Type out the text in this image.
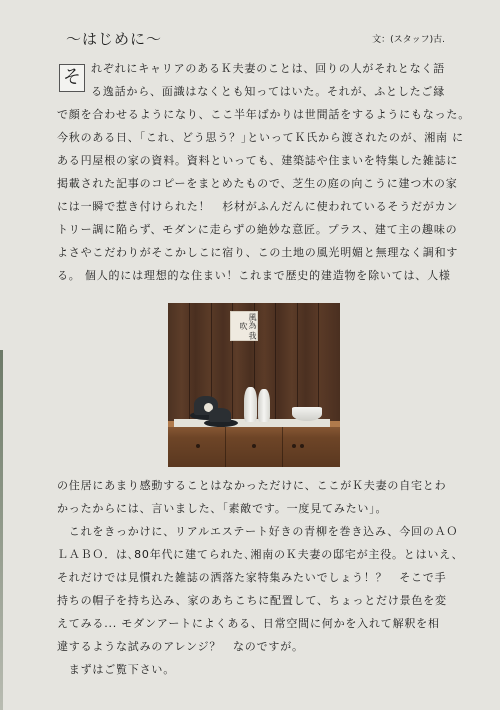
～はじめに～	文：(スタッフ)古.
そ れぞれにキャリアのあるＫ夫妻のことは、回りの人がそれとなく語
る逸話から、面識はなくとも知ってはいた。それが、ふとしたご縁

で顔を合わせるようになり、ここ半年ばかりは世間話をするようにもなった。
今秋のある日、｢これ、どう思う？｣といってＫ氏から渡されたのが、湘南 に
ある円屋根の家の資料。資料といっても、建築誌や住まいを特集した雑誌に
掲載された記事のコピーをまとめたもので、芝生の庭の向こうに建つ木の家
には一瞬で惹き付けられた！　杉材がふんだんに使われているそうだがカン
トリー調に陥らず、モダンに走らずの絶妙な意匠。プラス、建て主の趣味の
よさやこだわりがそこかしこに宿り、この土地の風光明媚と無理なく調和す
る。 個人的には理想的な住まい！これまで歴史的建造物を除いては、人様

風為 我吹

の住居にあまり感動することはなかっただけに、ここがＫ夫妻の自宅とわ
かったからには、言いました、｢素敵です。一度見てみたい｣。
　これをきっかけに、リアルエステート好きの青柳を巻き込み、今回のＡＯ
ＬＡＢＯ．は､80年代に建てられた､湘南のＫ夫妻の邸宅が主役。とはいえ、
それだけでは見慣れた雑誌の洒落た家特集みたいでしょう！？　そこで手
持ちの帽子を持ち込み、家のあちこちに配置して、ちょっとだけ景色を変
えてみる... モダンアートによくある、日常空間に何かを入れて解釈を相
違するような試みのアレンジ？　なのですが。
　まずはご覧下さい。
